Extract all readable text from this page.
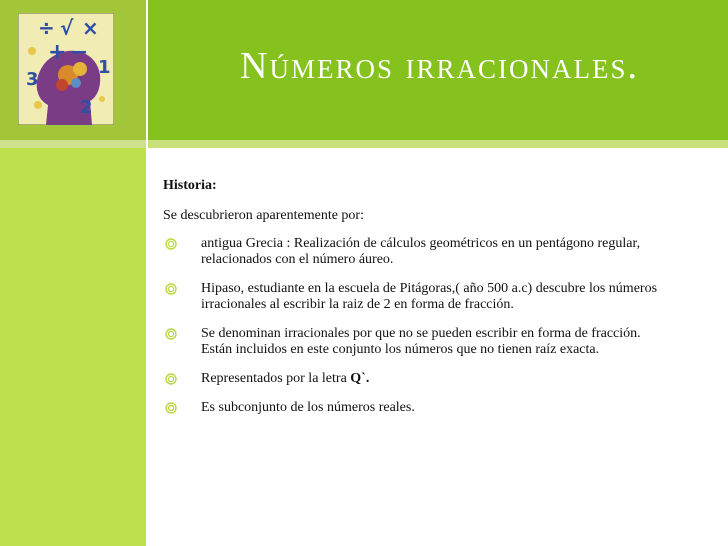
÷ √ ×
+ −
3
1
2
Números irracionales.

Historia:

Se descubrieron aparentemente por:

antigua Grecia : Realización de cálculos geométricos en un pentágono regular, relacionados con el número áureo.
Hipaso, estudiante en la escuela de Pitágoras,( año 500 a.c) descubre los números irracionales al escribir la raiz de 2 en forma de fracción.
Se denominan irracionales por que no se pueden escribir en forma de fracción. Están incluidos en este conjunto los números que no tienen raíz exacta.
Representados por la letra Q`.
Es subconjunto de los números reales.
